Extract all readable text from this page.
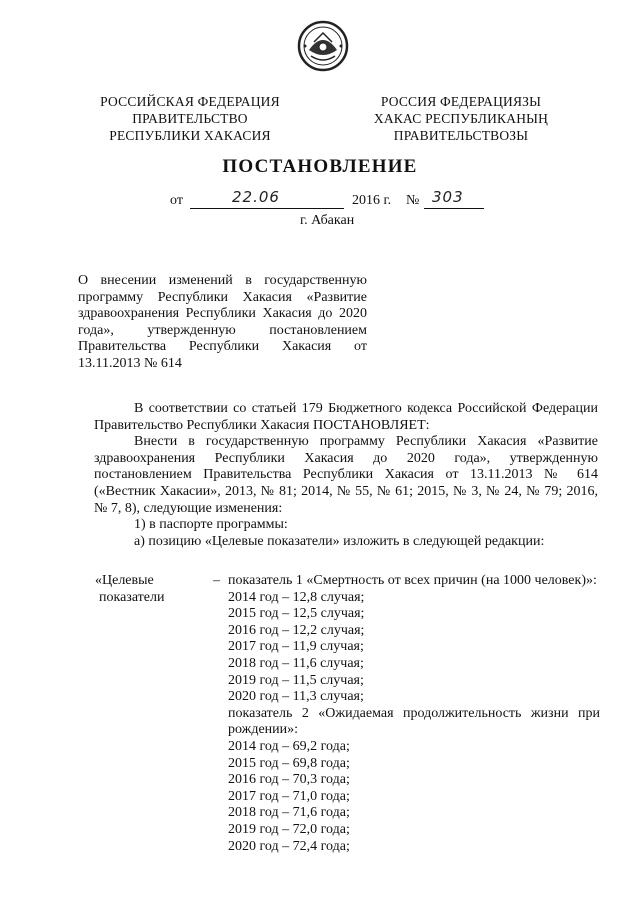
РОССИЙСКАЯ ФЕДЕРАЦИЯ
ПРАВИТЕЛЬСТВО
РЕСПУБЛИКИ ХАКАСИЯ
РОССИЯ ФЕДЕРАЦИЯЗЫ
ХАКАС РЕСПУБЛИКАНЫҢ
ПРАВИТЕЛЬСТВОЗЫ
ПОСТАНОВЛЕНИЕ
от	22.06	2016 г. № 303
г. Абакан
О внесении изменений в государственную программу Республики Хакасия «Развитие здравоохранения Республики Хакасия до 2020 года», утвержденную постановлением Правительства Республики Хакасия от 13.11.2013 № 614

В соответствии со статьей 179 Бюджетного кодекса Российской Федерации Правительство Республики Хакасия ПОСТАНОВЛЯЕТ:

Внести в государственную программу Республики Хакасия «Развитие здравоохранения Республики Хакасия до 2020 года», утвержденную постановлением Правительства Республики Хакасия от 13.11.2013 № 614 («Вестник Хакасии», 2013, № 81; 2014, № 55, № 61; 2015, № 3, № 24, № 79; 2016, № 7, 8), следующие изменения:

1) в паспорте программы:

а) позицию «Целевые показатели» изложить в следующей редакции:

«Целевые
показатели
– показатель 1 «Смертность от всех причин (на 1000 человек)»:

2014 год – 12,8 случая;

2015 год – 12,5 случая;

2016 год – 12,2 случая;

2017 год – 11,9 случая;

2018 год – 11,6 случая;

2019 год – 11,5 случая;

2020 год – 11,3 случая;

показатель 2 «Ожидаемая продолжительность жизни при рождении»:

2014 год – 69,2 года;

2015 год – 69,8 года;

2016 год – 70,3 года;

2017 год – 71,0 года;

2018 год – 71,6 года;

2019 год – 72,0 года;

2020 год – 72,4 года;
